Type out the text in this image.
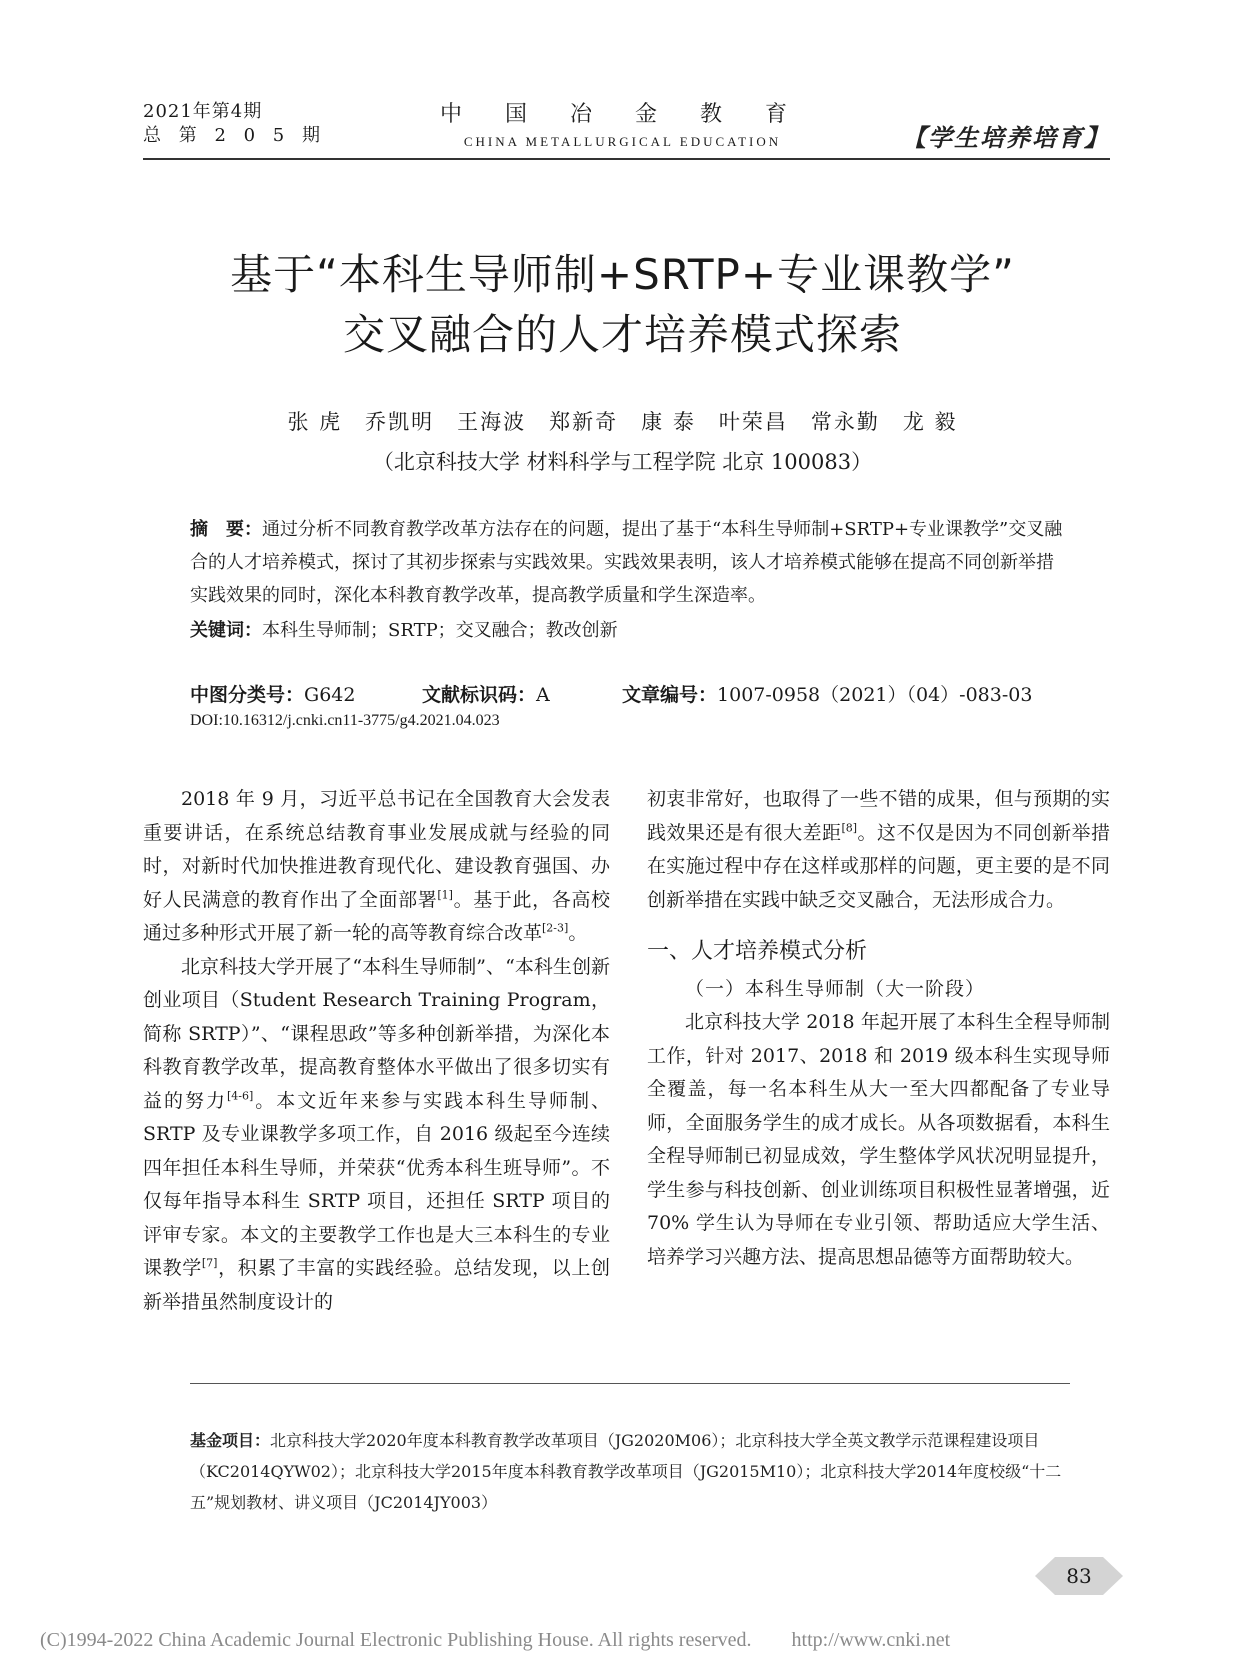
2021年第4期
总 第 2 0 5 期
中 国 冶 金 教 育
CHINA METALLURGICAL EDUCATION	【学生培养培育】
基于“本科生导师制+SRTP+专业课教学”
交叉融合的人才培养模式探索
张 虎　乔凯明　王海波　郑新奇　康 泰　叶荣昌　常永勤　龙 毅
（北京科技大学 材料科学与工程学院 北京 100083）
摘　要：通过分析不同教育教学改革方法存在的问题，提出了基于“本科生导师制+SRTP+专业课教学”交叉融合的人才培养模式，探讨了其初步探索与实践效果。实践效果表明，该人才培养模式能够在提高不同创新举措实践效果的同时，深化本科教育教学改革，提高教学质量和学生深造率。
关键词：本科生导师制；SRTP；交叉融合；教改创新
中图分类号：G642	文献标识码：A	文章编号：1007-0958（2021）（04）-083-03
DOI:10.16312/j.cnki.cn11-3775/g4.2021.04.023

2018 年 9 月，习近平总书记在全国教育大会发表重要讲话，在系统总结教育事业发展成就与经验的同时，对新时代加快推进教育现代化、建设教育强国、办好人民满意的教育作出了全面部署[1]。基于此，各高校通过多种形式开展了新一轮的高等教育综合改革[2-3]。

北京科技大学开展了“本科生导师制”、“本科生创新创业项目（Student Research Training Program，简称 SRTP）”、“课程思政”等多种创新举措，为深化本科教育教学改革，提高教育整体水平做出了很多切实有益的努力[4-6]。本文近年来参与实践本科生导师制、SRTP 及专业课教学多项工作，自 2016 级起至今连续四年担任本科生导师，并荣获“优秀本科生班导师”。不仅每年指导本科生 SRTP 项目，还担任 SRTP 项目的评审专家。本文的主要教学工作也是大三本科生的专业课教学[7]，积累了丰富的实践经验。总结发现，以上创新举措虽然制度设计的

初衷非常好，也取得了一些不错的成果，但与预期的实践效果还是有很大差距[8]。这不仅是因为不同创新举措在实施过程中存在这样或那样的问题，更主要的是不同创新举措在实践中缺乏交叉融合，无法形成合力。

一、人才培养模式分析
（一）本科生导师制（大一阶段）

北京科技大学 2018 年起开展了本科生全程导师制工作，针对 2017、2018 和 2019 级本科生实现导师全覆盖，每一名本科生从大一至大四都配备了专业导师，全面服务学生的成才成长。从各项数据看，本科生全程导师制已初显成效，学生整体学风状况明显提升，学生参与科技创新、创业训练项目积极性显著增强，近 70% 学生认为导师在专业引领、帮助适应大学生活、培养学习兴趣方法、提高思想品德等方面帮助较大。

基金项目：北京科技大学2020年度本科教育教学改革项目（JG2020M06）；北京科技大学全英文教学示范课程建设项目（KC2014QYW02）；北京科技大学2015年度本科教育教学改革项目（JG2015M10）；北京科技大学2014年度校级“十二五”规划教材、讲义项目（JC2014JY003）
83
(C)1994-2022 China Academic Journal Electronic Publishing House. All rights reserved.　　http://www.cnki.net
